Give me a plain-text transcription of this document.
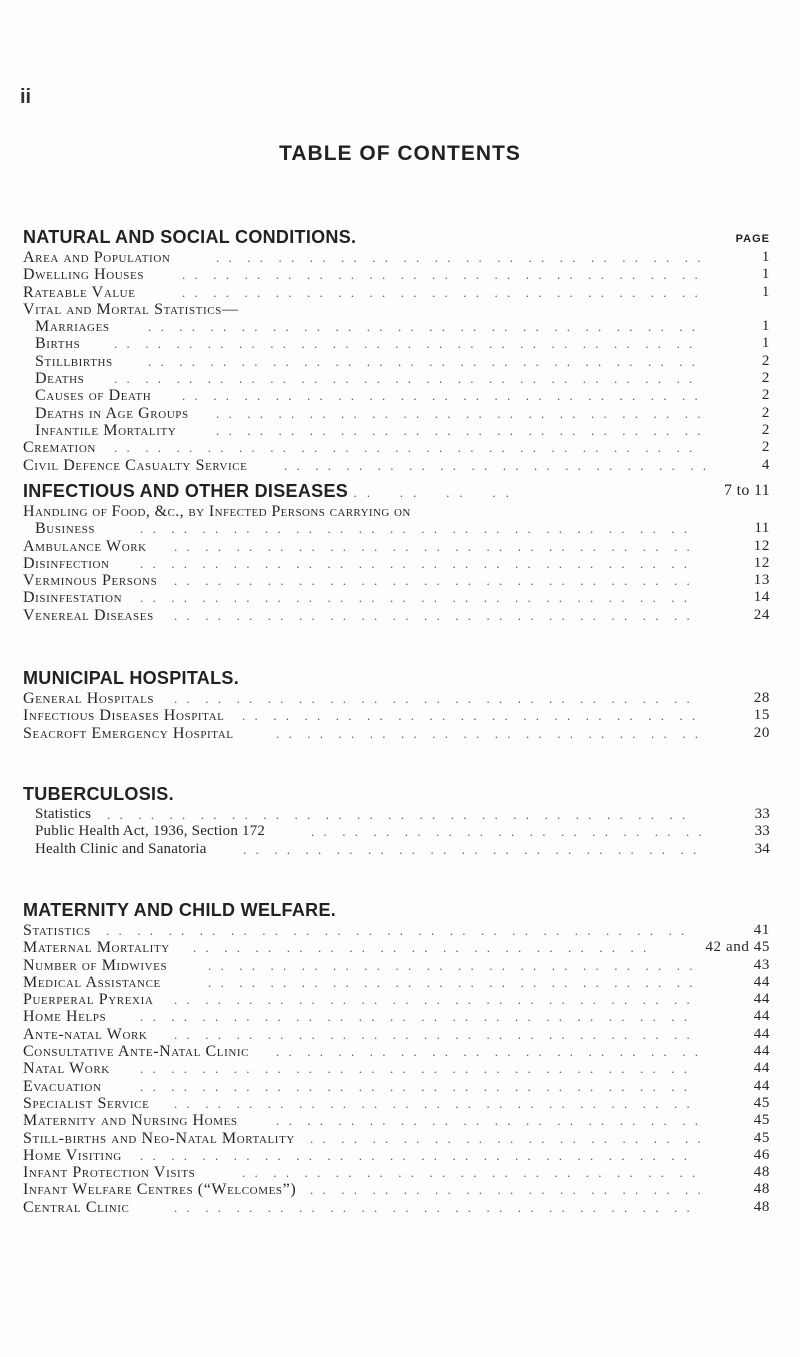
ii
TABLE OF CONTENTS
NATURAL AND SOCIAL CONDITIONS.	PAGE
Area and Population	. .  . .  . .  . .  . .  . .  . .  . .  . .  . .  . .  . .  . .  . .  . .  . .	1
Dwelling Houses	. .  . .  . .  . .  . .  . .  . .  . .  . .  . .  . .  . .  . .  . .  . .  . .  . .	1
Rateable Value	. .  . .  . .  . .  . .  . .  . .  . .  . .  . .  . .  . .  . .  . .  . .  . .  . .	1
Vital and Mortal Statistics—
Marriages	. .  . .  . .  . .  . .  . .  . .  . .  . .  . .  . .  . .  . .  . .  . .  . .  . .  . .	1
Births	. .  . .  . .  . .  . .  . .  . .  . .  . .  . .  . .  . .  . .  . .  . .  . .  . .  . .  . .	1
Stillbirths	. .  . .  . .  . .  . .  . .  . .  . .  . .  . .  . .  . .  . .  . .  . .  . .  . .  . .	2
Deaths . .  . .  . .  . .  . .  . .  . .  . .  . .  . .  . .  . .  . .  . .  . .  . .  . .  . .  . .	2
Causes of Death . .  . .  . .  . .  . .  . .  . .  . .  . .  . .  . .  . .  . .  . .  . .  . .  . .	2
Deaths in Age Groups . .  . .  . .  . .  . .  . .  . .  . .  . .  . .  . .  . .  . .  . .  . .  . .	2
Infantile Mortality	. .  . .  . .  . .  . .  . .  . .  . .  . .  . .  . .  . .  . .  . .  . .  . .	2
Cremation . .  . .  . .  . .  . .  . .  . .  . .  . .  . .  . .  . .  . .  . .  . .  . .  . .  . .  . .	2
Civil Defence Casualty Service	. .  . .  . .  . .  . .  . .  . .  . .  . .  . .  . .  . .  . .  . .	4
INFECTIOUS AND OTHER DISEASES . .    . .    . .    . .	7 to 11
Handling of Food, &c., by Infected Persons carrying on
Business	. .  . .  . .  . .  . .  . .  . .  . .  . .  . .  . .  . .  . .  . .  . .  . .  . .  . .	11
Ambulance Work . .  . .  . .  . .  . .  . .  . .  . .  . .  . .  . .  . .  . .  . .  . .  . .  . .	12
Disinfection . .  . .  . .  . .  . .  . .  . .  . .  . .  . .  . .  . .  . .  . .  . .  . .  . .  . .	12
Verminous Persons . .  . .  . .  . .  . .  . .  . .  . .  . .  . .  . .  . .  . .  . .  . .  . .  . .	13
Disinfestation . .  . .  . .  . .  . .  . .  . .  . .  . .  . .  . .  . .  . .  . .  . .  . .  . .  . .	14
Venereal Diseases . .  . .  . .  . .  . .  . .  . .  . .  . .  . .  . .  . .  . .  . .  . .  . .  . .	24
MUNICIPAL HOSPITALS.
General Hospitals . .  . .  . .  . .  . .  . .  . .  . .  . .  . .  . .  . .  . .  . .  . .  . .  . .	28
Infectious Diseases Hospital . .  . .  . .  . .  . .  . .  . .  . .  . .  . .  . .  . .  . .  . .  . .	15
Seacroft Emergency Hospital	. .  . .  . .  . .  . .  . .  . .  . .  . .  . .  . .  . .  . .  . .	20
TUBERCULOSIS.
Statistics . .  . .  . .  . .  . .  . .  . .  . .  . .  . .  . .  . .  . .  . .  . .  . .  . .  . .  . .	33
Public Health Act, 1936, Section 172	. .  . .  . .  . .  . .  . .  . .  . .  . .  . .  . .  . .  . . 33
Health Clinic and Sanatoria	. .  . .  . .  . .  . .  . .  . .  . .  . .  . .  . .  . .  . .  . .  . .	34
MATERNITY AND CHILD WELFARE.
Statistics . .  . .  . .  . .  . .  . .  . .  . .  . .  . .  . .  . .  . .  . .  . .  . .  . .  . .  . .	41
Maternal Mortality . .  . .  . .  . .  . .  . .  . .  . .  . .  . .  . .  . .  . .  . .  . .	42 and 45
Number of Midwives	. .  . .  . .  . .  . .  . .  . .  . .  . .  . .  . .  . .  . .  . .  . .  . .	43
Medical Assistance	. .  . .  . .  . .  . .  . .  . .  . .  . .  . .  . .  . .  . .  . .  . .  . .	44
Puerperal Pyrexia . .  . .  . .  . .  . .  . .  . .  . .  . .  . .  . .  . .  . .  . .  . .  . .  . .	44
Home Helps	. .  . .  . .  . .  . .  . .  . .  . .  . .  . .  . .  . .  . .  . .  . .  . .  . .  . .	44
Ante-natal Work . .  . .  . .  . .  . .  . .  . .  . .  . .  . .  . .  . .  . .  . .  . .  . .  . .	44
Consultative Ante-Natal Clinic . .  . .  . .  . .  . .  . .  . .  . .  . .  . .  . .  . .  . .  . .	44
Natal Work . .  . .  . .  . .  . .  . .  . .  . .  . .  . .  . .  . .  . .  . .  . .  . .  . .  . .	44
Evacuation	. .  . .  . .  . .  . .  . .  . .  . .  . .  . .  . .  . .  . .  . .  . .  . .  . .  . .	44
Specialist Service . .  . .  . .  . .  . .  . .  . .  . .  . .  . .  . .  . .  . .  . .  . .  . .  . .	45
Maternity and Nursing Homes	. .  . .  . .  . .  . .  . .  . .  . .  . .  . .  . .  . .  . .  . .	45
Still-births and Neo-Natal Mortality . .  . .  . .  . .  . .  . .  . .  . .  . .  . .  . .  . .  . .	45
Home Visiting . .  . .  . .  . .  . .  . .  . .  . .  . .  . .  . .  . .  . .  . .  . .  . .  . .  . .	46
Infant Protection Visits	. .  . .  . .  . .  . .  . .  . .  . .  . .  . .  . .  . .  . .  . .  . .	48
Infant Welfare Centres (“Welcomes”) . .  . .  . .  . .  . .  . .  . .  . .  . .  . .  . .  . .  . .	48
Central Clinic	. .  . .  . .  . .  . .  . .  . .  . .  . .  . .  . .  . .  . .  . .  . .  . .  . .	48
